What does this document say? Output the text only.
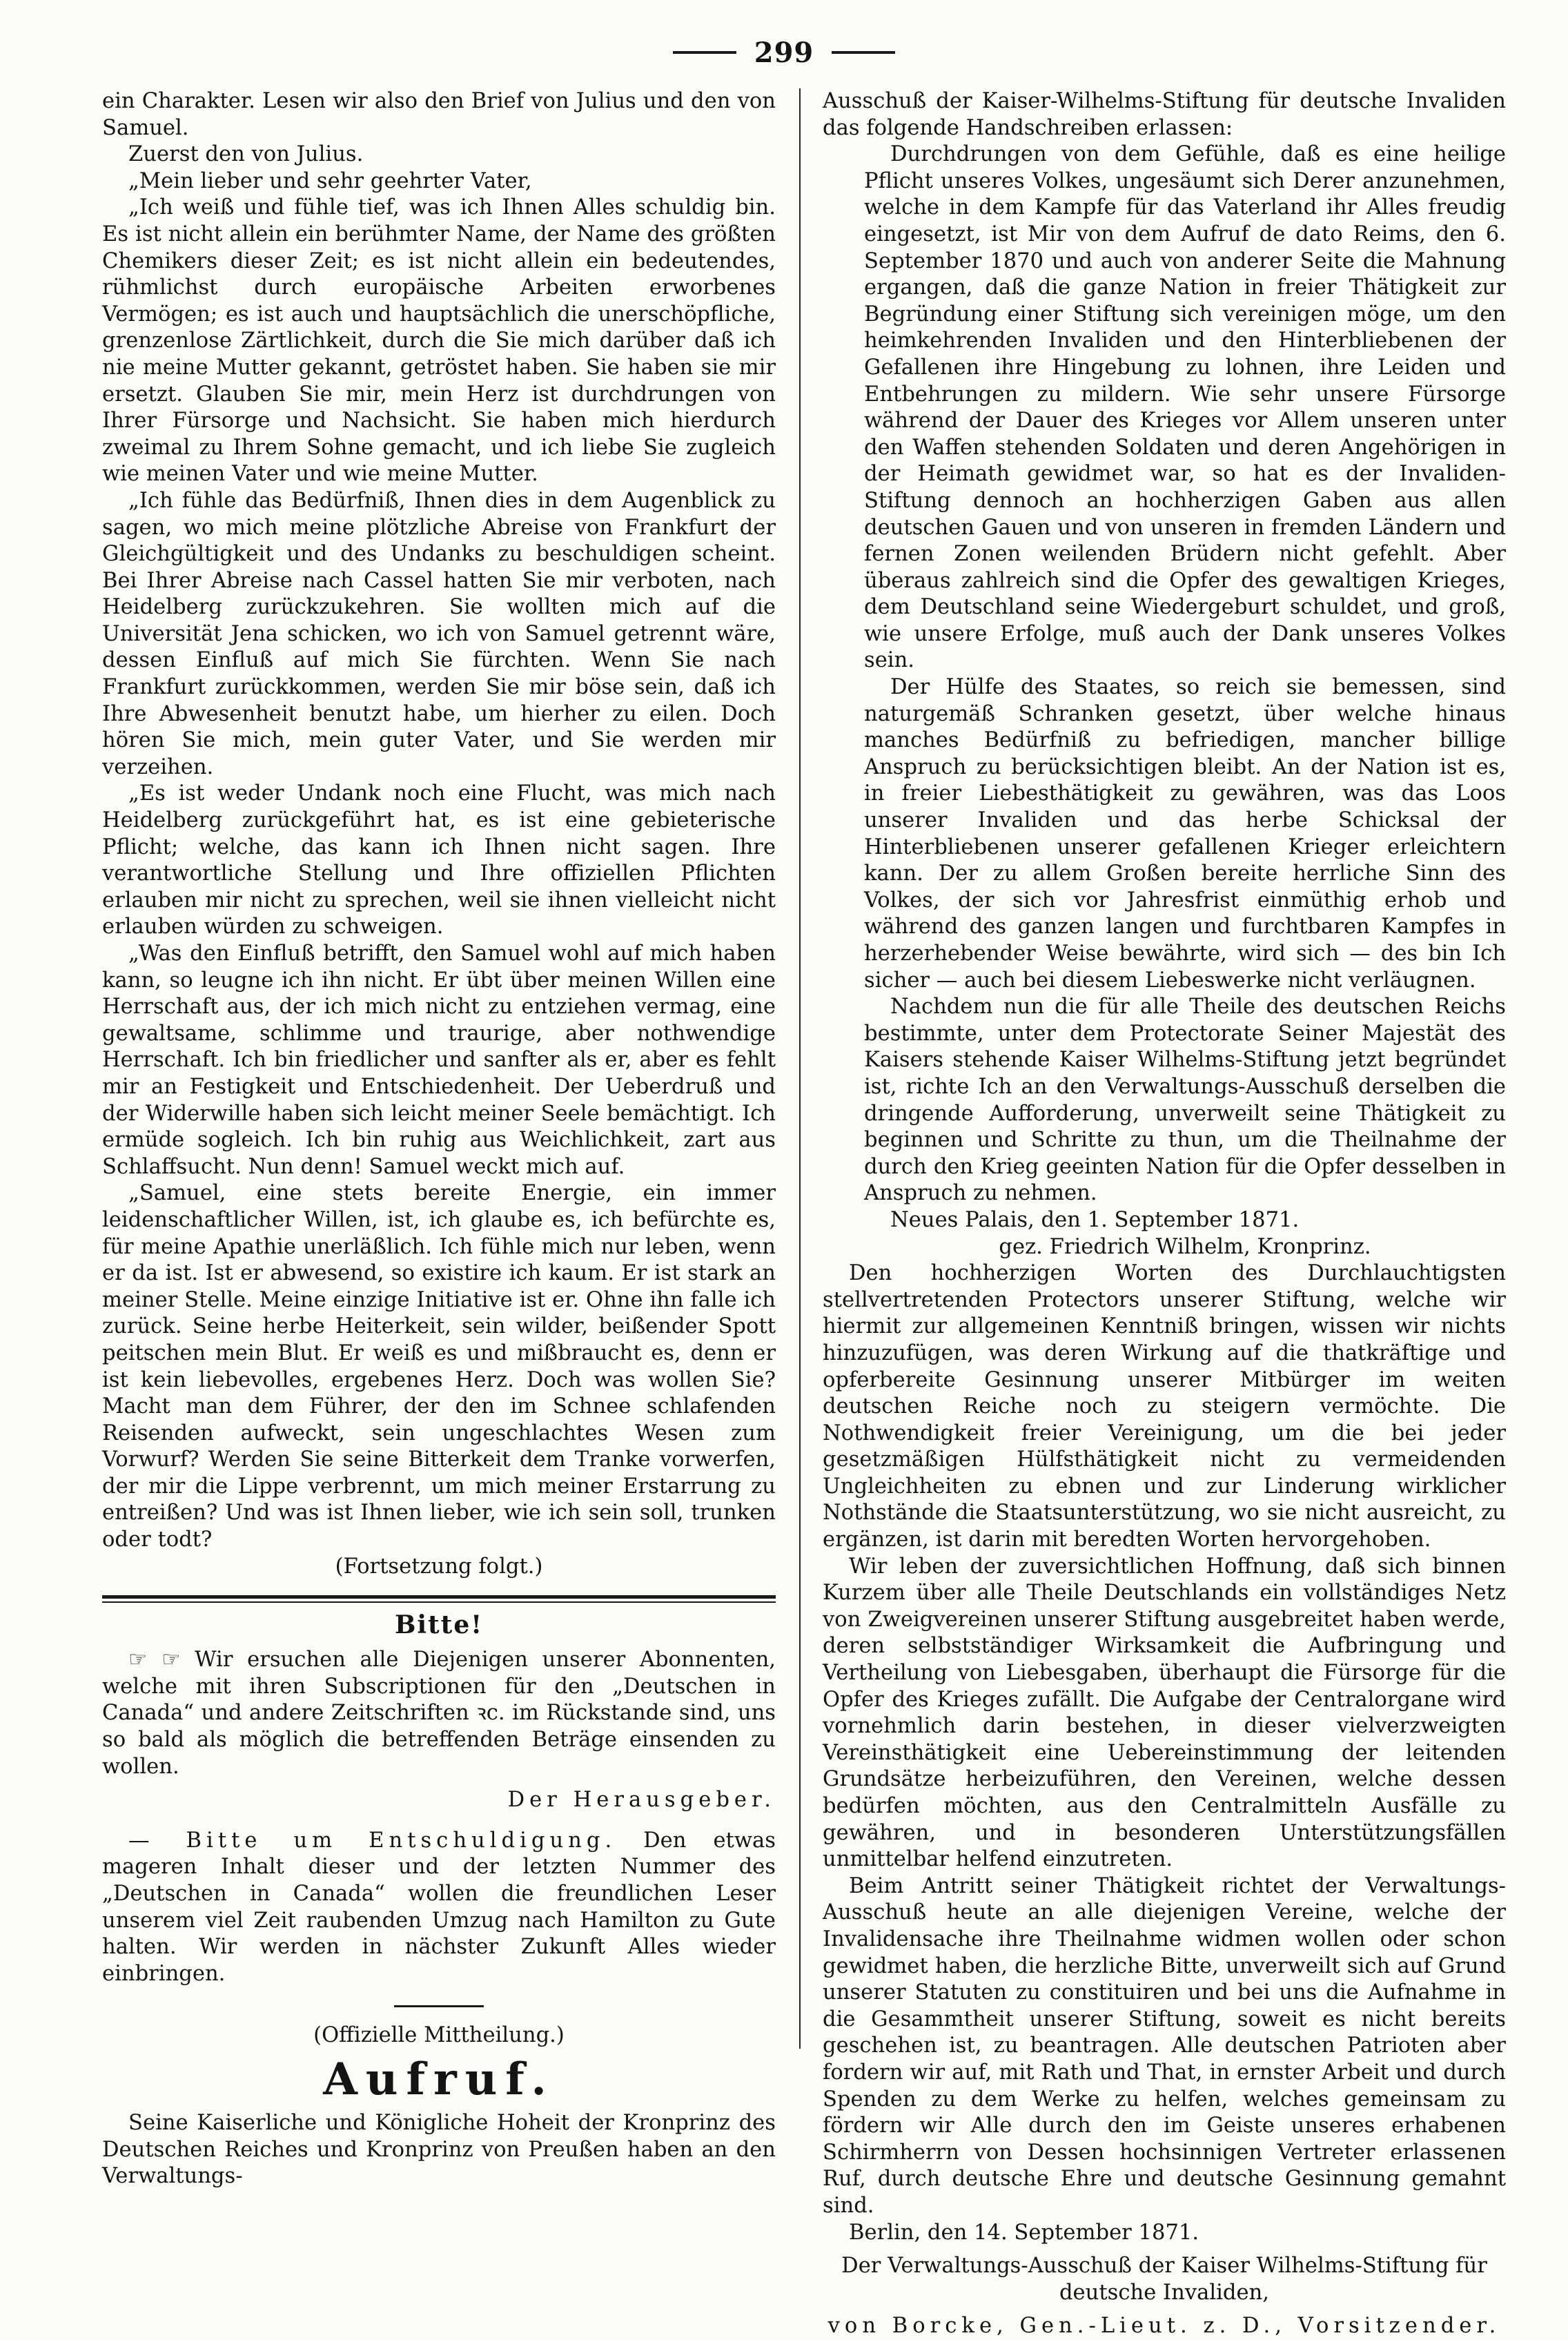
299

ein Charakter. Lesen wir also den Brief von Julius und den von Samuel.

Zuerst den von Julius.

„Mein lieber und sehr geehrter Vater,

„Ich weiß und fühle tief, was ich Ihnen Alles schuldig bin. Es ist nicht allein ein berühmter Name, der Name des größten Chemikers dieser Zeit; es ist nicht allein ein bedeutendes, rühmlichst durch europäische Arbeiten erworbenes Vermögen; es ist auch und hauptsächlich die unerschöpfliche, grenzenlose Zärtlichkeit, durch die Sie mich darüber daß ich nie meine Mutter gekannt, getröstet haben. Sie haben sie mir ersetzt. Glauben Sie mir, mein Herz ist durchdrungen von Ihrer Fürsorge und Nachsicht. Sie haben mich hierdurch zweimal zu Ihrem Sohne gemacht, und ich liebe Sie zugleich wie meinen Vater und wie meine Mutter.

„Ich fühle das Bedürfniß, Ihnen dies in dem Augenblick zu sagen, wo mich meine plötzliche Abreise von Frankfurt der Gleichgültigkeit und des Undanks zu beschuldigen scheint. Bei Ihrer Abreise nach Cassel hatten Sie mir verboten, nach Heidelberg zurückzukehren. Sie wollten mich auf die Universität Jena schicken, wo ich von Samuel getrennt wäre, dessen Einfluß auf mich Sie fürchten. Wenn Sie nach Frankfurt zurückkommen, werden Sie mir böse sein, daß ich Ihre Abwesenheit benutzt habe, um hierher zu eilen. Doch hören Sie mich, mein guter Vater, und Sie werden mir verzeihen.

„Es ist weder Undank noch eine Flucht, was mich nach Heidelberg zurückgeführt hat, es ist eine gebieterische Pflicht; welche, das kann ich Ihnen nicht sagen. Ihre verantwortliche Stellung und Ihre offiziellen Pflichten erlauben mir nicht zu sprechen, weil sie ihnen vielleicht nicht erlauben würden zu schweigen.

„Was den Einfluß betrifft, den Samuel wohl auf mich haben kann, so leugne ich ihn nicht. Er übt über meinen Willen eine Herrschaft aus, der ich mich nicht zu entziehen vermag, eine gewaltsame, schlimme und traurige, aber nothwendige Herrschaft. Ich bin friedlicher und sanfter als er, aber es fehlt mir an Festigkeit und Entschiedenheit. Der Ueberdruß und der Widerwille haben sich leicht meiner Seele bemächtigt. Ich ermüde sogleich. Ich bin ruhig aus Weichlichkeit, zart aus Schlaffsucht. Nun denn! Samuel weckt mich auf.

„Samuel, eine stets bereite Energie, ein immer leidenschaftlicher Willen, ist, ich glaube es, ich befürchte es, für meine Apathie unerläßlich. Ich fühle mich nur leben, wenn er da ist. Ist er abwesend, so existire ich kaum. Er ist stark an meiner Stelle. Meine einzige Initiative ist er. Ohne ihn falle ich zurück. Seine herbe Heiterkeit, sein wilder, beißender Spott peitschen mein Blut. Er weiß es und mißbraucht es, denn er ist kein liebevolles, ergebenes Herz. Doch was wollen Sie? Macht man dem Führer, der den im Schnee schlafenden Reisenden aufweckt, sein ungeschlachtes Wesen zum Vorwurf? Werden Sie seine Bitterkeit dem Tranke vorwerfen, der mir die Lippe verbrennt, um mich meiner Erstarrung zu entreißen? Und was ist Ihnen lieber, wie ich sein soll, trunken oder todt?

(Fortsetzung folgt.)

Bitte!

☞ ☞ Wir ersuchen alle Diejenigen unserer Abonnenten, welche mit ihren Subscriptionen für den „Deutschen in Canada“ und andere Zeitschriften ꝛc. im Rückstande sind, uns so bald als möglich die betreffenden Beträge einsenden zu wollen.

Der Herausgeber.

— Bitte um Entschuldigung. Den etwas mageren Inhalt dieser und der letzten Nummer des „Deutschen in Canada“ wollen die freundlichen Leser unserem viel Zeit raubenden Umzug nach Hamilton zu Gute halten. Wir werden in nächster Zukunft Alles wieder einbringen.

(Offizielle Mittheilung.)

Aufruf.

Seine Kaiserliche und Königliche Hoheit der Kronprinz des Deutschen Reiches und Kronprinz von Preußen haben an den Verwaltungs-

Ausschuß der Kaiser-Wilhelms-Stiftung für deutsche Invaliden das folgende Handschreiben erlassen:

Durchdrungen von dem Gefühle, daß es eine heilige Pflicht unseres Volkes, ungesäumt sich Derer anzunehmen, welche in dem Kampfe für das Vaterland ihr Alles freudig eingesetzt, ist Mir von dem Aufruf de dato Reims, den 6. September 1870 und auch von anderer Seite die Mahnung ergangen, daß die ganze Nation in freier Thätigkeit zur Begründung einer Stiftung sich vereinigen möge, um den heimkehrenden Invaliden und den Hinterbliebenen der Gefallenen ihre Hingebung zu lohnen, ihre Leiden und Entbehrungen zu mildern. Wie sehr unsere Fürsorge während der Dauer des Krieges vor Allem unseren unter den Waffen stehenden Soldaten und deren Angehörigen in der Heimath gewidmet war, so hat es der Invaliden-Stiftung dennoch an hochherzigen Gaben aus allen deutschen Gauen und von unseren in fremden Ländern und fernen Zonen weilenden Brüdern nicht gefehlt. Aber überaus zahlreich sind die Opfer des gewaltigen Krieges, dem Deutschland seine Wiedergeburt schuldet, und groß, wie unsere Erfolge, muß auch der Dank unseres Volkes sein.

Der Hülfe des Staates, so reich sie bemessen, sind naturgemäß Schranken gesetzt, über welche hinaus manches Bedürfniß zu befriedigen, mancher billige Anspruch zu berücksichtigen bleibt. An der Nation ist es, in freier Liebesthätigkeit zu gewähren, was das Loos unserer Invaliden und das herbe Schicksal der Hinterbliebenen unserer gefallenen Krieger erleichtern kann. Der zu allem Großen bereite herrliche Sinn des Volkes, der sich vor Jahresfrist einmüthig erhob und während des ganzen langen und furchtbaren Kampfes in herzerhebender Weise bewährte, wird sich — des bin Ich sicher — auch bei diesem Liebeswerke nicht verläugnen.

Nachdem nun die für alle Theile des deutschen Reichs bestimmte, unter dem Protectorate Seiner Majestät des Kaisers stehende Kaiser Wilhelms-Stiftung jetzt begründet ist, richte Ich an den Verwaltungs-Ausschuß derselben die dringende Aufforderung, unverweilt seine Thätigkeit zu beginnen und Schritte zu thun, um die Theilnahme der durch den Krieg geeinten Nation für die Opfer desselben in Anspruch zu nehmen.

Neues Palais, den 1. September 1871.

gez. Friedrich Wilhelm, Kronprinz.

Den hochherzigen Worten des Durchlauchtigsten stellvertretenden Protectors unserer Stiftung, welche wir hiermit zur allgemeinen Kenntniß bringen, wissen wir nichts hinzuzufügen, was deren Wirkung auf die thatkräftige und opferbereite Gesinnung unserer Mitbürger im weiten deutschen Reiche noch zu steigern vermöchte. Die Nothwendigkeit freier Vereinigung, um die bei jeder gesetzmäßigen Hülfsthätigkeit nicht zu vermeidenden Ungleichheiten zu ebnen und zur Linderung wirklicher Nothstände die Staatsunterstützung, wo sie nicht ausreicht, zu ergänzen, ist darin mit beredten Worten hervorgehoben.

Wir leben der zuversichtlichen Hoffnung, daß sich binnen Kurzem über alle Theile Deutschlands ein vollständiges Netz von Zweigvereinen unserer Stiftung ausgebreitet haben werde, deren selbstständiger Wirksamkeit die Aufbringung und Vertheilung von Liebesgaben, überhaupt die Fürsorge für die Opfer des Krieges zufällt. Die Aufgabe der Centralorgane wird vornehmlich darin bestehen, in dieser vielverzweigten Vereinsthätigkeit eine Uebereinstimmung der leitenden Grundsätze herbeizuführen, den Vereinen, welche dessen bedürfen möchten, aus den Centralmitteln Ausfälle zu gewähren, und in besonderen Unterstützungsfällen unmittelbar helfend einzutreten.

Beim Antritt seiner Thätigkeit richtet der Verwaltungs-Ausschuß heute an alle diejenigen Vereine, welche der Invalidensache ihre Theilnahme widmen wollen oder schon gewidmet haben, die herzliche Bitte, unverweilt sich auf Grund unserer Statuten zu constituiren und bei uns die Aufnahme in die Gesammtheit unserer Stiftung, soweit es nicht bereits geschehen ist, zu beantragen. Alle deutschen Patrioten aber fordern wir auf, mit Rath und That, in ernster Arbeit und durch Spenden zu dem Werke zu helfen, welches gemeinsam zu fördern wir Alle durch den im Geiste unseres erhabenen Schirmherrn von Dessen hochsinnigen Vertreter erlassenen Ruf, durch deutsche Ehre und deutsche Gesinnung gemahnt sind.

Berlin, den 14. September 1871.

Der Verwaltungs-Ausschuß der Kaiser Wilhelms-Stiftung für deutsche Invaliden,

von Borcke, Gen.-Lieut. z. D., Vorsitzender.
